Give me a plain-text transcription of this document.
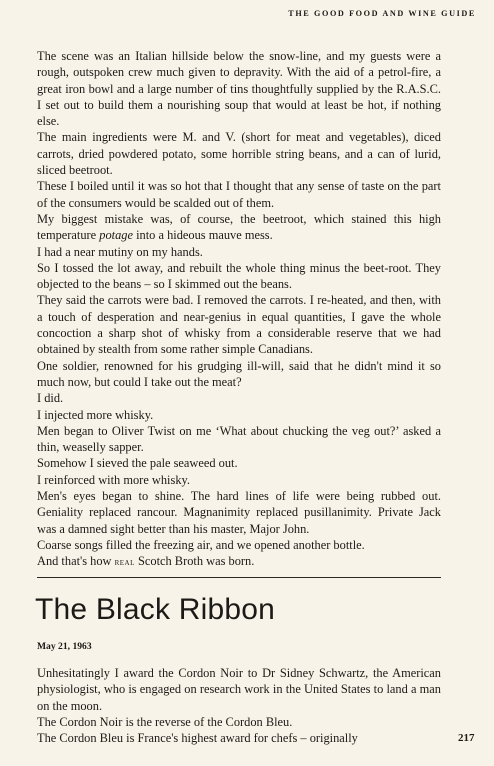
THE GOOD FOOD AND WINE GUIDE

The scene was an Italian hillside below the snow-line, and my guests were a rough, outspoken crew much given to depravity. With the aid of a petrol-fire, a great iron bowl and a large number of tins thoughtfully supplied by the R.A.S.C. I set out to build them a nourishing soup that would at least be hot, if nothing else.

The main ingredients were M. and V. (short for meat and vegetables), diced carrots, dried powdered potato, some horrible string beans, and a can of lurid, sliced beetroot.

These I boiled until it was so hot that I thought that any sense of taste on the part of the consumers would be scalded out of them.

My biggest mistake was, of course, the beetroot, which stained this high temperature potage into a hideous mauve mess.

I had a near mutiny on my hands.

So I tossed the lot away, and rebuilt the whole thing minus the beet-root. They objected to the beans – so I skimmed out the beans.

They said the carrots were bad. I removed the carrots. I re-heated, and then, with a touch of desperation and near-genius in equal quantities, I gave the whole concoction a sharp shot of whisky from a considerable reserve that we had obtained by stealth from some rather simple Canadians.

One soldier, renowned for his grudging ill-will, said that he didn't mind it so much now, but could I take out the meat?

I did.

I injected more whisky.

Men began to Oliver Twist on me ‘What about chucking the veg out?’ asked a thin, weaselly sapper.

Somehow I sieved the pale seaweed out.

I reinforced with more whisky.

Men's eyes began to shine. The hard lines of life were being rubbed out. Geniality replaced rancour. Magnanimity replaced pusillanimity. Private Jack was a damned sight better than his master, Major John.

Coarse songs filled the freezing air, and we opened another bottle.

And that's how real Scotch Broth was born.

The Black Ribbon
May 21, 1963

Unhesitatingly I award the Cordon Noir to Dr Sidney Schwartz, the American physiologist, who is engaged on research work in the United States to land a man on the moon.

The Cordon Noir is the reverse of the Cordon Bleu.

The Cordon Bleu is France's highest award for chefs – originally	217
